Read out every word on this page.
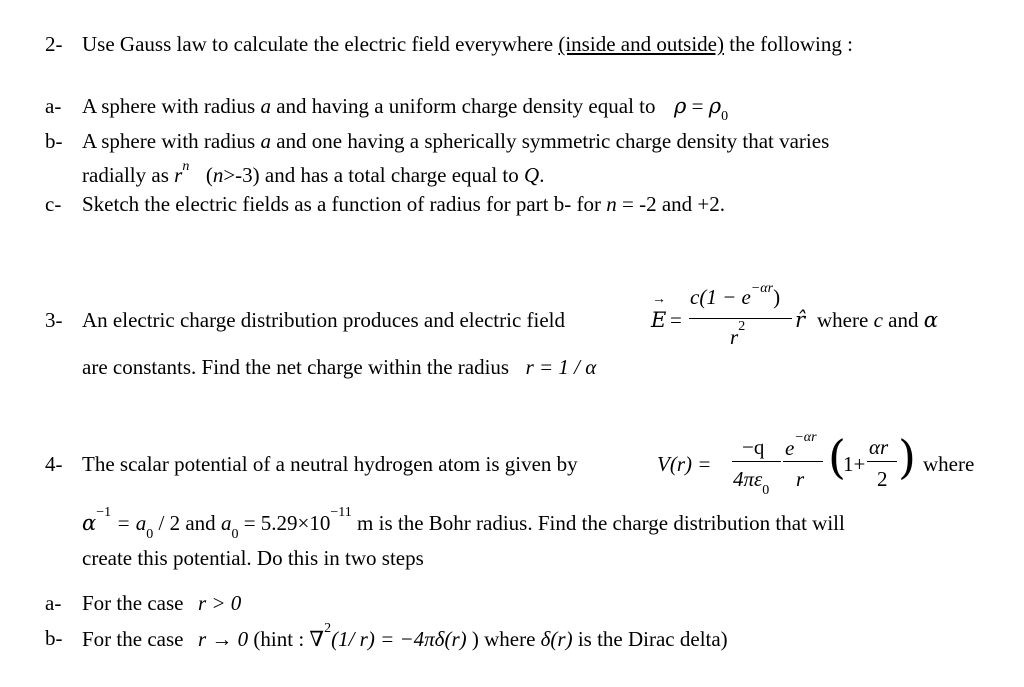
2- Use Gauss law to calculate the electric field everywhere (inside and outside) the following :
a- A sphere with radius a and having a uniform charge density equal to $\rho = \rho_0$
b- A sphere with radius a and one having a spherically symmetric charge density that varies
radially as $r^n$ (n>-3) and has a total charge equal to Q.
c- Sketch the electric fields as a function of radius for part b- for n = -2 and +2.
3- An electric charge distribution produces and electric field	E
→
=
$c(1 - e^{-\alpha r})$
$r^2$ r̂ where c and α
are constants. Find the net charge within the radius r = 1 / α
4- The scalar potential of a neutral hydrogen atom is given by	V(r) =
−q
$4\pi\varepsilon_0$
$e^{-\alpha r}$
r (
1+
αr
2 ) where
$\alpha^{-1} = a_0 / 2$ and $a_0 = 5.29\times 10^{-11}$ m is the Bohr radius. Find the charge distribution that will
create this potential. Do this in two steps
a- For the case r > 0
b- For the case r → 0 (hint : ∇$^2$(1/ r) = −4πδ(r) ) where δ(r) is the Dirac delta)
